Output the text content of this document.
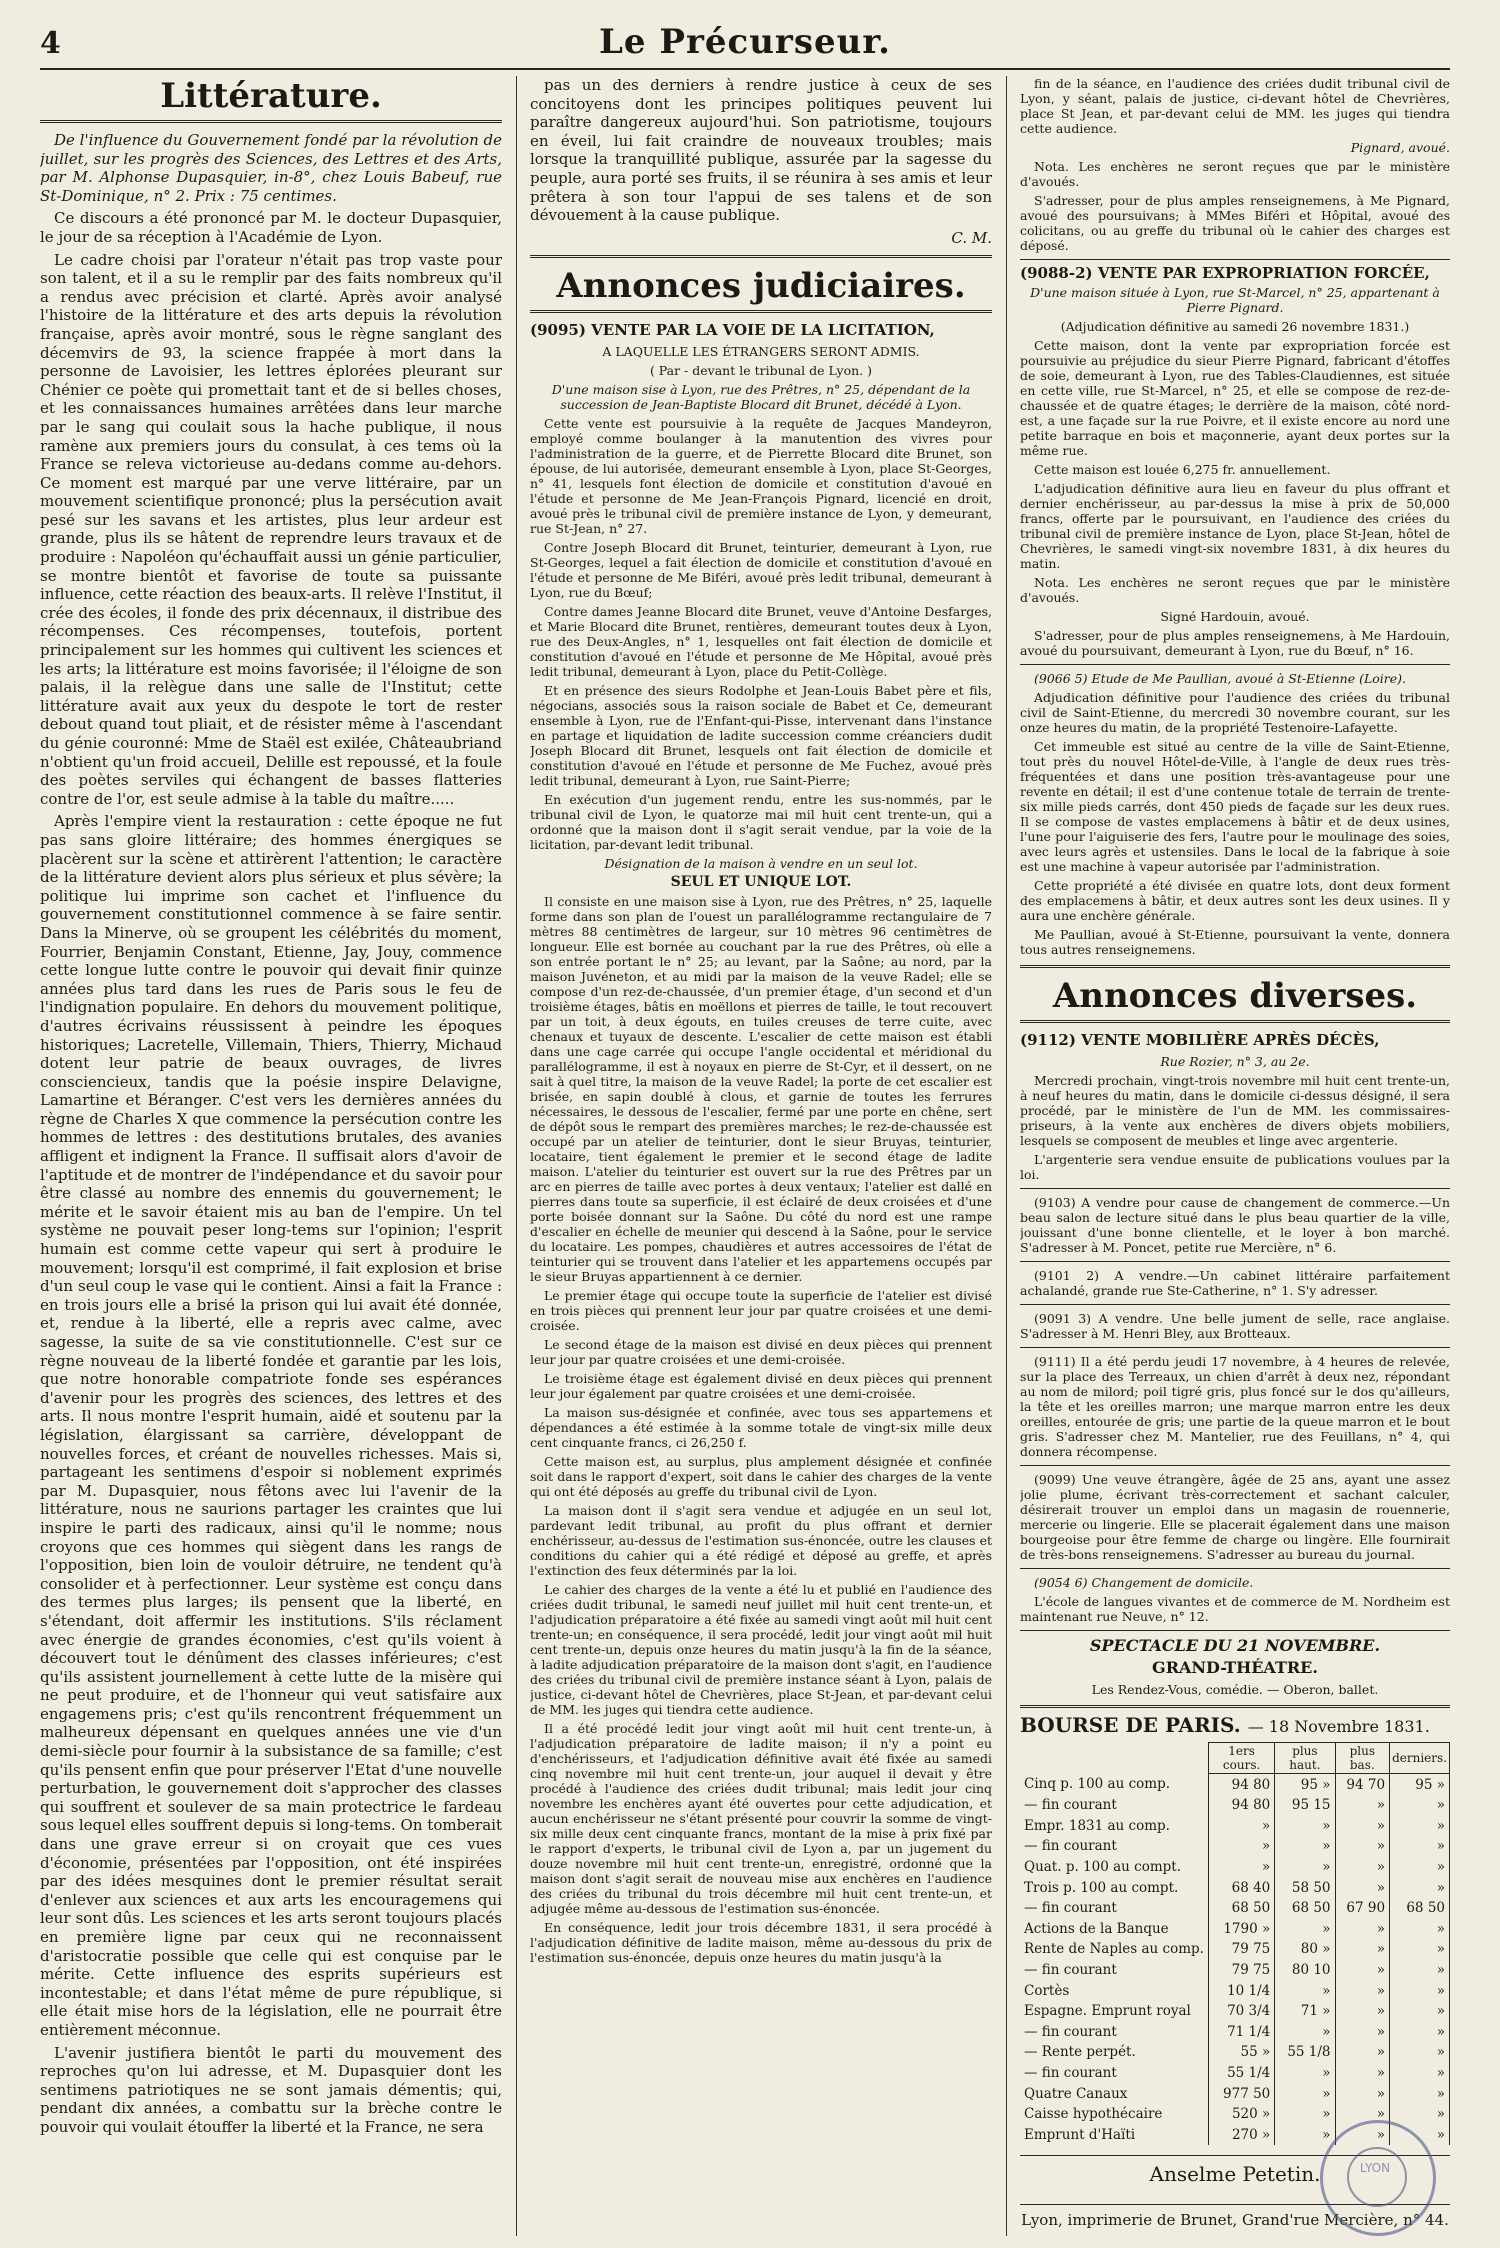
4	Le Précurseur.
Littérature.

De l'influence du Gouvernement fondé par la révolution de juillet, sur les progrès des Sciences, des Lettres et des Arts, par M. Alphonse Dupasquier, in-8°, chez Louis Babeuf, rue St-Dominique, n° 2. Prix : 75 centimes.

Ce discours a été prononcé par M. le docteur Dupasquier, le jour de sa réception à l'Académie de Lyon.

Le cadre choisi par l'orateur n'était pas trop vaste pour son talent, et il a su le remplir par des faits nombreux qu'il a rendus avec précision et clarté. Après avoir analysé l'histoire de la littérature et des arts depuis la révolution française, après avoir montré, sous le règne sanglant des décemvirs de 93, la science frappée à mort dans la personne de Lavoisier, les lettres éplorées pleurant sur Chénier ce poète qui promettait tant et de si belles choses, et les connaissances humaines arrêtées dans leur marche par le sang qui coulait sous la hache publique, il nous ramène aux premiers jours du consulat, à ces tems où la France se releva victorieuse au-dedans comme au-dehors. Ce moment est marqué par une verve littéraire, par un mouvement scientifique prononcé; plus la persécution avait pesé sur les savans et les artistes, plus leur ardeur est grande, plus ils se hâtent de reprendre leurs travaux et de produire : Napoléon qu'échauffait aussi un génie particulier, se montre bientôt et favorise de toute sa puissante influence, cette réaction des beaux-arts. Il relève l'Institut, il crée des écoles, il fonde des prix décennaux, il distribue des récompenses. Ces récompenses, toutefois, portent principalement sur les hommes qui cultivent les sciences et les arts; la littérature est moins favorisée; il l'éloigne de son palais, il la relègue dans une salle de l'Institut; cette littérature avait aux yeux du despote le tort de rester debout quand tout pliait, et de résister même à l'ascendant du génie couronné: Mme de Staël est exilée, Châteaubriand n'obtient qu'un froid accueil, Delille est repoussé, et la foule des poètes serviles qui échangent de basses flatteries contre de l'or, est seule admise à la table du maître.....

Après l'empire vient la restauration : cette époque ne fut pas sans gloire littéraire; des hommes énergiques se placèrent sur la scène et attirèrent l'attention; le caractère de la littérature devient alors plus sérieux et plus sévère; la politique lui imprime son cachet et l'influence du gouvernement constitutionnel commence à se faire sentir. Dans la Minerve, où se groupent les célébrités du moment, Fourrier, Benjamin Constant, Etienne, Jay, Jouy, commence cette longue lutte contre le pouvoir qui devait finir quinze années plus tard dans les rues de Paris sous le feu de l'indignation populaire. En dehors du mouvement politique, d'autres écrivains réussissent à peindre les époques historiques; Lacretelle, Villemain, Thiers, Thierry, Michaud dotent leur patrie de beaux ouvrages, de livres consciencieux, tandis que la poésie inspire Delavigne, Lamartine et Béranger. C'est vers les dernières années du règne de Charles X que commence la persécution contre les hommes de lettres : des destitutions brutales, des avanies affligent et indignent la France. Il suffisait alors d'avoir de l'aptitude et de montrer de l'indépendance et du savoir pour être classé au nombre des ennemis du gouvernement; le mérite et le savoir étaient mis au ban de l'empire. Un tel système ne pouvait peser long-tems sur l'opinion; l'esprit humain est comme cette vapeur qui sert à produire le mouvement; lorsqu'il est comprimé, il fait explosion et brise d'un seul coup le vase qui le contient. Ainsi a fait la France : en trois jours elle a brisé la prison qui lui avait été donnée, et, rendue à la liberté, elle a repris avec calme, avec sagesse, la suite de sa vie constitutionnelle. C'est sur ce règne nouveau de la liberté fondée et garantie par les lois, que notre honorable compatriote fonde ses espérances d'avenir pour les progrès des sciences, des lettres et des arts. Il nous montre l'esprit humain, aidé et soutenu par la législation, élargissant sa carrière, développant de nouvelles forces, et créant de nouvelles richesses. Mais si, partageant les sentimens d'espoir si noblement exprimés par M. Dupasquier, nous fêtons avec lui l'avenir de la littérature, nous ne saurions partager les craintes que lui inspire le parti des radicaux, ainsi qu'il le nomme; nous croyons que ces hommes qui siègent dans les rangs de l'opposition, bien loin de vouloir détruire, ne tendent qu'à consolider et à perfectionner. Leur système est conçu dans des termes plus larges; ils pensent que la liberté, en s'étendant, doit affermir les institutions. S'ils réclament avec énergie de grandes économies, c'est qu'ils voient à découvert tout le dénûment des classes inférieures; c'est qu'ils assistent journellement à cette lutte de la misère qui ne peut produire, et de l'honneur qui veut satisfaire aux engagemens pris; c'est qu'ils rencontrent fréquemment un malheureux dépensant en quelques années une vie d'un demi-siècle pour fournir à la subsistance de sa famille; c'est qu'ils pensent enfin que pour préserver l'Etat d'une nouvelle perturbation, le gouvernement doit s'approcher des classes qui souffrent et soulever de sa main protectrice le fardeau sous lequel elles souffrent depuis si long-tems. On tomberait dans une grave erreur si on croyait que ces vues d'économie, présentées par l'opposition, ont été inspirées par des idées mesquines dont le premier résultat serait d'enlever aux sciences et aux arts les encouragemens qui leur sont dûs. Les sciences et les arts seront toujours placés en première ligne par ceux qui ne reconnaissent d'aristocratie possible que celle qui est conquise par le mérite. Cette influence des esprits supérieurs est incontestable; et dans l'état même de pure république, si elle était mise hors de la législation, elle ne pourrait être entièrement méconnue.

L'avenir justifiera bientôt le parti du mouvement des reproches qu'on lui adresse, et M. Dupasquier dont les sentimens patriotiques ne se sont jamais démentis; qui, pendant dix années, a combattu sur la brèche contre le pouvoir qui voulait étouffer la liberté et la France, ne sera

pas un des derniers à rendre justice à ceux de ses concitoyens dont les principes politiques peuvent lui paraître dangereux aujourd'hui. Son patriotisme, toujours en éveil, lui fait craindre de nouveaux troubles; mais lorsque la tranquillité publique, assurée par la sagesse du peuple, aura porté ses fruits, il se réunira à ses amis et leur prêtera à son tour l'appui de ses talens et de son dévouement à la cause publique.

C. M.

Annonces judiciaires.

(9095) VENTE PAR LA VOIE DE LA LICITATION,

A LAQUELLE LES ÉTRANGERS SERONT ADMIS.

( Par - devant le tribunal de Lyon. )

D'une maison sise à Lyon, rue des Prêtres, n° 25, dépendant de la succession de Jean-Baptiste Blocard dit Brunet, décédé à Lyon.

Cette vente est poursuivie à la requête de Jacques Mandeyron, employé comme boulanger à la manutention des vivres pour l'administration de la guerre, et de Pierrette Blocard dite Brunet, son épouse, de lui autorisée, demeurant ensemble à Lyon, place St-Georges, n° 41, lesquels font élection de domicile et constitution d'avoué en l'étude et personne de Me Jean-François Pignard, licencié en droit, avoué près le tribunal civil de première instance de Lyon, y demeurant, rue St-Jean, n° 27.

Contre Joseph Blocard dit Brunet, teinturier, demeurant à Lyon, rue St-Georges, lequel a fait élection de domicile et constitution d'avoué en l'étude et personne de Me Biféri, avoué près ledit tribunal, demeurant à Lyon, rue du Bœuf;

Contre dames Jeanne Blocard dite Brunet, veuve d'Antoine Desfarges, et Marie Blocard dite Brunet, rentières, demeurant toutes deux à Lyon, rue des Deux-Angles, n° 1, lesquelles ont fait élection de domicile et constitution d'avoué en l'étude et personne de Me Hôpital, avoué près ledit tribunal, demeurant à Lyon, place du Petit-Collège.

Et en présence des sieurs Rodolphe et Jean-Louis Babet père et fils, négocians, associés sous la raison sociale de Babet et Ce, demeurant ensemble à Lyon, rue de l'Enfant-qui-Pisse, intervenant dans l'instance en partage et liquidation de ladite succession comme créanciers dudit Joseph Blocard dit Brunet, lesquels ont fait élection de domicile et constitution d'avoué en l'étude et personne de Me Fuchez, avoué près ledit tribunal, demeurant à Lyon, rue Saint-Pierre;

En exécution d'un jugement rendu, entre les sus-nommés, par le tribunal civil de Lyon, le quatorze mai mil huit cent trente-un, qui a ordonné que la maison dont il s'agit serait vendue, par la voie de la licitation, par-devant ledit tribunal.

Désignation de la maison à vendre en un seul lot.

SEUL ET UNIQUE LOT.

Il consiste en une maison sise à Lyon, rue des Prêtres, n° 25, laquelle forme dans son plan de l'ouest un parallélogramme rectangulaire de 7 mètres 88 centimètres de largeur, sur 10 mètres 96 centimètres de longueur. Elle est bornée au couchant par la rue des Prêtres, où elle a son entrée portant le n° 25; au levant, par la Saône; au nord, par la maison Juvéneton, et au midi par la maison de la veuve Radel; elle se compose d'un rez-de-chaussée, d'un premier étage, d'un second et d'un troisième étages, bâtis en moëllons et pierres de taille, le tout recouvert par un toit, à deux égouts, en tuiles creuses de terre cuite, avec chenaux et tuyaux de descente. L'escalier de cette maison est établi dans une cage carrée qui occupe l'angle occidental et méridional du parallélogramme, il est à noyaux en pierre de St-Cyr, et il dessert, on ne sait à quel titre, la maison de la veuve Radel; la porte de cet escalier est brisée, en sapin doublé à clous, et garnie de toutes les ferrures nécessaires, le dessous de l'escalier, fermé par une porte en chêne, sert de dépôt sous le rempart des premières marches; le rez-de-chaussée est occupé par un atelier de teinturier, dont le sieur Bruyas, teinturier, locataire, tient également le premier et le second étage de ladite maison. L'atelier du teinturier est ouvert sur la rue des Prêtres par un arc en pierres de taille avec portes à deux ventaux; l'atelier est dallé en pierres dans toute sa superficie, il est éclairé de deux croisées et d'une porte boisée donnant sur la Saône. Du côté du nord est une rampe d'escalier en échelle de meunier qui descend à la Saône, pour le service du locataire. Les pompes, chaudières et autres accessoires de l'état de teinturier qui se trouvent dans l'atelier et les appartemens occupés par le sieur Bruyas appartiennent à ce dernier.

Le premier étage qui occupe toute la superficie de l'atelier est divisé en trois pièces qui prennent leur jour par quatre croisées et une demi-croisée.

Le second étage de la maison est divisé en deux pièces qui prennent leur jour par quatre croisées et une demi-croisée.

Le troisième étage est également divisé en deux pièces qui prennent leur jour également par quatre croisées et une demi-croisée.

La maison sus-désignée et confinée, avec tous ses appartemens et dépendances a été estimée à la somme totale de vingt-six mille deux cent cinquante francs, ci 26,250 f.

Cette maison est, au surplus, plus amplement désignée et confinée soit dans le rapport d'expert, soit dans le cahier des charges de la vente qui ont été déposés au greffe du tribunal civil de Lyon.

La maison dont il s'agit sera vendue et adjugée en un seul lot, pardevant ledit tribunal, au profit du plus offrant et dernier enchérisseur, au-dessus de l'estimation sus-énoncée, outre les clauses et conditions du cahier qui a été rédigé et déposé au greffe, et après l'extinction des feux déterminés par la loi.

Le cahier des charges de la vente a été lu et publié en l'audience des criées dudit tribunal, le samedi neuf juillet mil huit cent trente-un, et l'adjudication préparatoire a été fixée au samedi vingt août mil huit cent trente-un; en conséquence, il sera procédé, ledit jour vingt août mil huit cent trente-un, depuis onze heures du matin jusqu'à la fin de la séance, à ladite adjudication préparatoire de la maison dont s'agit, en l'audience des criées du tribunal civil de première instance séant à Lyon, palais de justice, ci-devant hôtel de Chevrières, place St-Jean, et par-devant celui de MM. les juges qui tiendra cette audience.

Il a été procédé ledit jour vingt août mil huit cent trente-un, à l'adjudication préparatoire de ladite maison; il n'y a point eu d'enchérisseurs, et l'adjudication définitive avait été fixée au samedi cinq novembre mil huit cent trente-un, jour auquel il devait y être procédé à l'audience des criées dudit tribunal; mais ledit jour cinq novembre les enchères ayant été ouvertes pour cette adjudication, et aucun enchérisseur ne s'étant présenté pour couvrir la somme de vingt-six mille deux cent cinquante francs, montant de la mise à prix fixé par le rapport d'experts, le tribunal civil de Lyon a, par un jugement du douze novembre mil huit cent trente-un, enregistré, ordonné que la maison dont s'agit serait de nouveau mise aux enchères en l'audience des criées du tribunal du trois décembre mil huit cent trente-un, et adjugée même au-dessous de l'estimation sus-énoncée.

En conséquence, ledit jour trois décembre 1831, il sera procédé à l'adjudication définitive de ladite maison, même au-dessous du prix de l'estimation sus-énoncée, depuis onze heures du matin jusqu'à la

fin de la séance, en l'audience des criées dudit tribunal civil de Lyon, y séant, palais de justice, ci-devant hôtel de Chevrières, place St Jean, et par-devant celui de MM. les juges qui tiendra cette audience.

Pignard, avoué.

Nota. Les enchères ne seront reçues que par le ministère d'avoués.

S'adresser, pour de plus amples renseignemens, à Me Pignard, avoué des poursuivans; à MMes Biféri et Hôpital, avoué des colicitans, ou au greffe du tribunal où le cahier des charges est déposé.

(9088-2) VENTE PAR EXPROPRIATION FORCÉE,

D'une maison située à Lyon, rue St-Marcel, n° 25, appartenant à Pierre Pignard.

(Adjudication définitive au samedi 26 novembre 1831.)

Cette maison, dont la vente par expropriation forcée est poursuivie au préjudice du sieur Pierre Pignard, fabricant d'étoffes de soie, demeurant à Lyon, rue des Tables-Claudiennes, est située en cette ville, rue St-Marcel, n° 25, et elle se compose de rez-de-chaussée et de quatre étages; le derrière de la maison, côté nord-est, a une façade sur la rue Poivre, et il existe encore au nord une petite barraque en bois et maçonnerie, ayant deux portes sur la même rue.

Cette maison est louée 6,275 fr. annuellement.

L'adjudication définitive aura lieu en faveur du plus offrant et dernier enchérisseur, au par-dessus la mise à prix de 50,000 francs, offerte par le poursuivant, en l'audience des criées du tribunal civil de première instance de Lyon, place St-Jean, hôtel de Chevrières, le samedi vingt-six novembre 1831, à dix heures du matin.

Nota. Les enchères ne seront reçues que par le ministère d'avoués.

Signé Hardouin, avoué.

S'adresser, pour de plus amples renseignemens, à Me Hardouin, avoué du poursuivant, demeurant à Lyon, rue du Bœuf, n° 16.

(9066 5) Etude de Me Paullian, avoué à St-Etienne (Loire).

Adjudication définitive pour l'audience des criées du tribunal civil de Saint-Etienne, du mercredi 30 novembre courant, sur les onze heures du matin, de la propriété Testenoire-Lafayette.

Cet immeuble est situé au centre de la ville de Saint-Etienne, tout près du nouvel Hôtel-de-Ville, à l'angle de deux rues très-fréquentées et dans une position très-avantageuse pour une revente en détail; il est d'une contenue totale de terrain de trente-six mille pieds carrés, dont 450 pieds de façade sur les deux rues. Il se compose de vastes emplacemens à bâtir et de deux usines, l'une pour l'aiguiserie des fers, l'autre pour le moulinage des soies, avec leurs agrès et ustensiles. Dans le local de la fabrique à soie est une machine à vapeur autorisée par l'administration.

Cette propriété a été divisée en quatre lots, dont deux forment des emplacemens à bâtir, et deux autres sont les deux usines. Il y aura une enchère générale.

Me Paullian, avoué à St-Etienne, poursuivant la vente, donnera tous autres renseignemens.

Annonces diverses.

(9112) VENTE MOBILIÈRE APRÈS DÉCÈS,

Rue Rozier, n° 3, au 2e.

Mercredi prochain, vingt-trois novembre mil huit cent trente-un, à neuf heures du matin, dans le domicile ci-dessus désigné, il sera procédé, par le ministère de l'un de MM. les commissaires-priseurs, à la vente aux enchères de divers objets mobiliers, lesquels se composent de meubles et linge avec argenterie.

L'argenterie sera vendue ensuite de publications voulues par la loi.

(9103) A vendre pour cause de changement de commerce.—Un beau salon de lecture situé dans le plus beau quartier de la ville, jouissant d'une bonne clientelle, et le loyer à bon marché. S'adresser à M. Poncet, petite rue Mercière, n° 6.

(9101 2) A vendre.—Un cabinet littéraire parfaitement achalandé, grande rue Ste-Catherine, n° 1. S'y adresser.

(9091 3) A vendre. Une belle jument de selle, race anglaise. S'adresser à M. Henri Bley, aux Brotteaux.

(9111) Il a été perdu jeudi 17 novembre, à 4 heures de relevée, sur la place des Terreaux, un chien d'arrêt à deux nez, répondant au nom de milord; poil tigré gris, plus foncé sur le dos qu'ailleurs, la tête et les oreilles marron; une marque marron entre les deux oreilles, entourée de gris; une partie de la queue marron et le bout gris. S'adresser chez M. Mantelier, rue des Feuillans, n° 4, qui donnera récompense.

(9099) Une veuve étrangère, âgée de 25 ans, ayant une assez jolie plume, écrivant très-correctement et sachant calculer, désirerait trouver un emploi dans un magasin de rouennerie, mercerie ou lingerie. Elle se placerait également dans une maison bourgeoise pour être femme de charge ou lingère. Elle fournirait de très-bons renseignemens. S'adresser au bureau du journal.

(9054 6) Changement de domicile.

L'école de langues vivantes et de commerce de M. Nordheim est maintenant rue Neuve, n° 12.

SPECTACLE DU 21 NOVEMBRE.

GRAND-THÉATRE.

Les Rendez-Vous, comédie. — Oberon, ballet.

BOURSE DE PARIS. — 18 Novembre 1831.

	1ers cours.	plus haut.	plus bas.	derniers.
Cinq p. 100 au comp.	94 80	95 »	94 70	95 »
— fin courant	94 80	95 15	»	»
Empr. 1831 au comp.	»	»	»	»
— fin courant	»	»	»	»
Quat. p. 100 au compt.	»	»	»	»
Trois p. 100 au compt.	68 40	58 50	»	»
— fin courant	68 50	68 50	67 90	68 50
Actions de la Banque	1790 »	»	»	»
Rente de Naples au comp.	79 75	80 »	»	»
— fin courant	79 75	80 10	»	»
Cortès	10 1/4	»	»	»
Espagne. Emprunt royal	70 3/4	71 »	»	»
— fin courant	71 1/4	»	»	»
— Rente perpét.	55 »	55 1/8	»	»
— fin courant	55 1/4	»	»	»
Quatre Canaux	977 50	»	»	»
Caisse hypothécaire	520 »	»	»	»
Emprunt d'Haïti	270 »	»	»	»
Anselme Petetin.
Lyon, imprimerie de Brunet, Grand'rue Mercière, n° 44.
LYON
